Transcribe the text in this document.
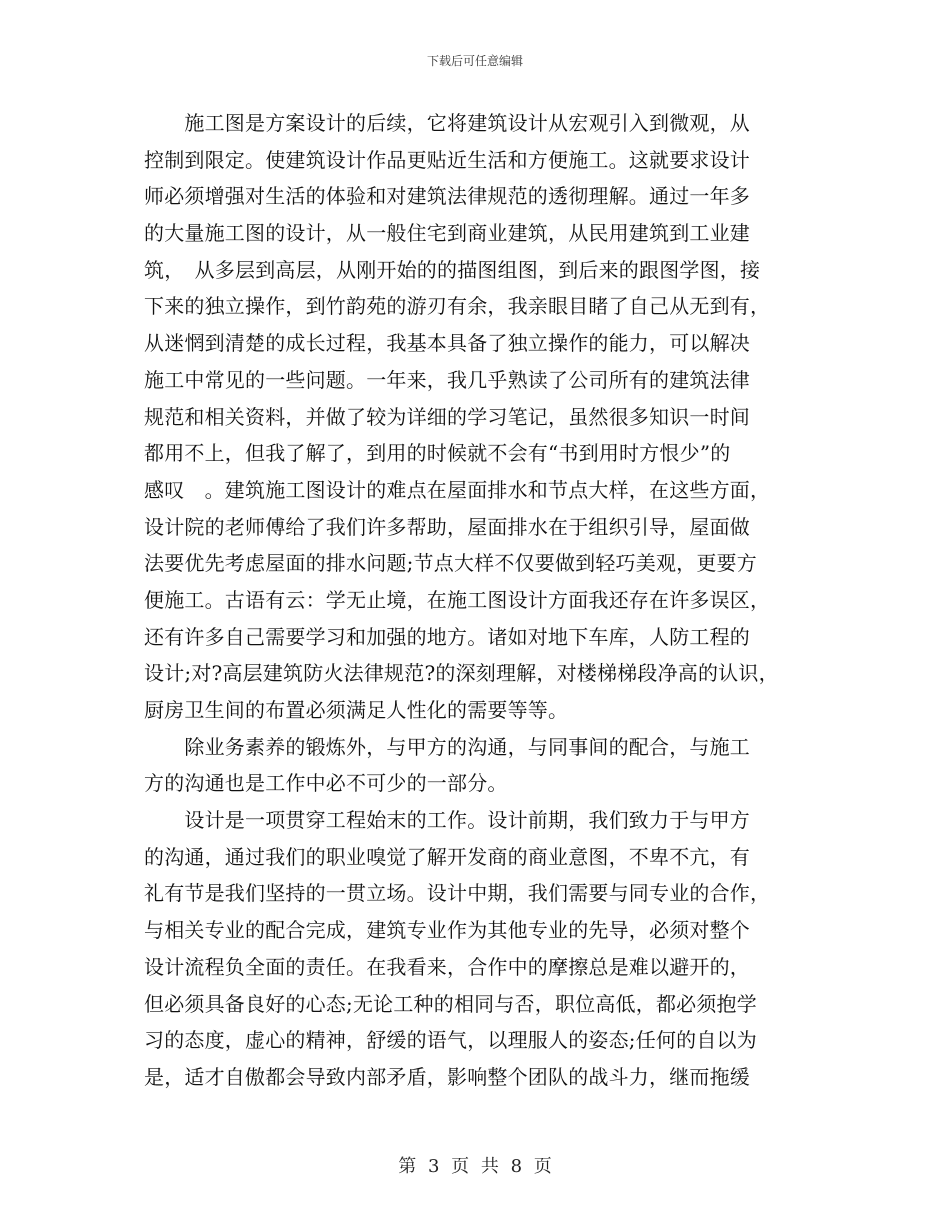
下载后可任意编辑
　　施工图是方案设计的后续，它将建筑设计从宏观引入到微观，从
控制到限定。使建筑设计作品更贴近生活和方便施工。这就要求设计
师必须增强对生活的体验和对建筑法律规范的透彻理解。通过一年多
的大量施工图的设计，从一般住宅到商业建筑，从民用建筑到工业建
筑，　从多层到高层，从刚开始的的描图组图，到后来的跟图学图，接
下来的独立操作，到竹韵苑的游刃有余，我亲眼目睹了自己从无到有，
从迷惘到清楚的成长过程，我基本具备了独立操作的能力，可以解决
施工中常见的一些问题。一年来，我几乎熟读了公司所有的建筑法律
规范和相关资料，并做了较为详细的学习笔记，虽然很多知识一时间
都用不上，但我了解了，到用的时候就不会有“书到用时方恨少”的
感叹　。建筑施工图设计的难点在屋面排水和节点大样，在这些方面，
设计院的老师傅给了我们许多帮助，屋面排水在于组织引导，屋面做
法要优先考虑屋面的排水问题;节点大样不仅要做到轻巧美观，更要方
便施工。古语有云：学无止境，在施工图设计方面我还存在许多误区，
还有许多自己需要学习和加强的地方。诸如对地下车库，人防工程的
设计;对?高层建筑防火法律规范?的深刻理解，对楼梯梯段净高的认识，
厨房卫生间的布置必须满足人性化的需要等等。
　　除业务素养的锻炼外，与甲方的沟通，与同事间的配合，与施工
方的沟通也是工作中必不可少的一部分。
　　设计是一项贯穿工程始末的工作。设计前期，我们致力于与甲方
的沟通，通过我们的职业嗅觉了解开发商的商业意图，不卑不亢，有
礼有节是我们坚持的一贯立场。设计中期，我们需要与同专业的合作，
与相关专业的配合完成，建筑专业作为其他专业的先导，必须对整个
设计流程负全面的责任。在我看来，合作中的摩擦总是难以避开的，
但必须具备良好的心态;无论工种的相同与否，职位高低，都必须抱学
习的态度，虚心的精神，舒缓的语气，以理服人的姿态;任何的自以为
是，适才自傲都会导致内部矛盾，影响整个团队的战斗力，继而拖缓
第 3 页 共 8 页
